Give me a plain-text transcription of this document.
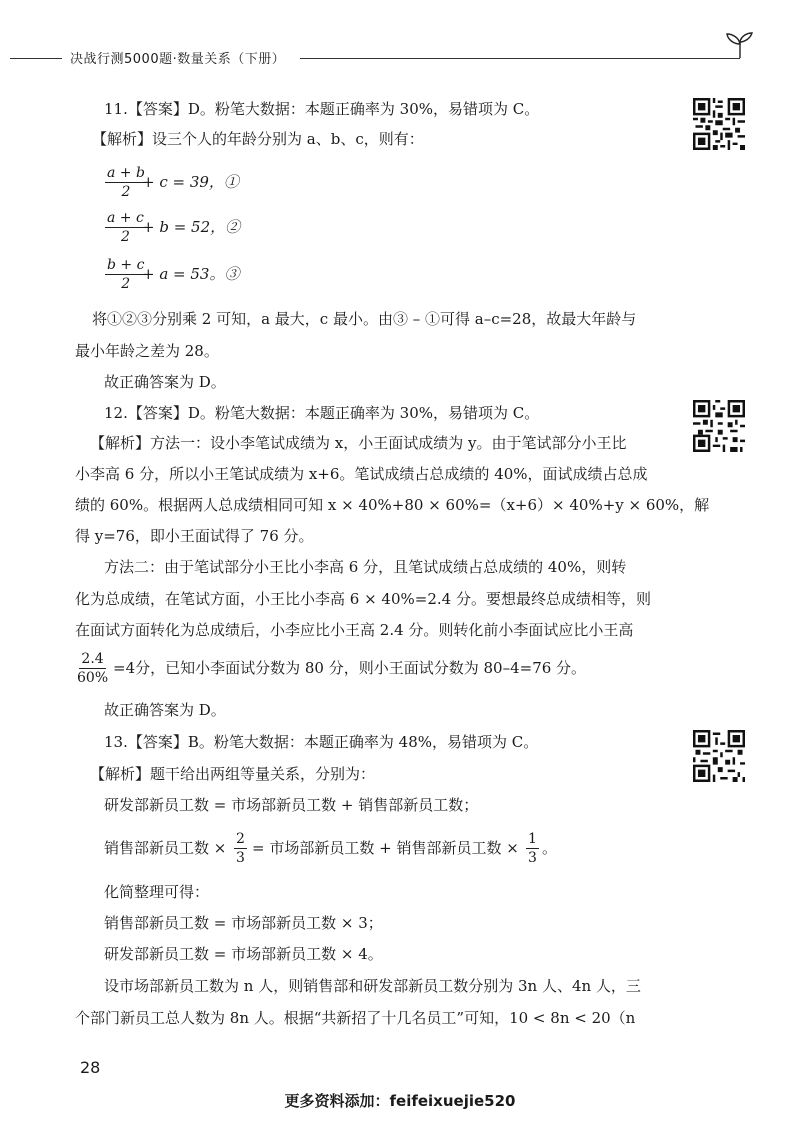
决战行测5000题·数量关系（下册）
11.【答案】D。粉笔大数据：本题正确率为 30%，易错项为 C。
【解析】设三个人的年龄分别为 a、b、c，则有：
$\frac{a + b}{2}$
+ c = 39，①
$\frac{a + c}{2}$
+ b = 52，②
$\frac{b + c}{2}$
+ a = 53。③
将①②③分别乘 2 可知，a 最大，c 最小。由③ – ①可得 a–c=28，故最大年龄与
最小年龄之差为 28。
故正确答案为 D。
12.【答案】D。粉笔大数据：本题正确率为 30%，易错项为 C。
【解析】方法一：设小李笔试成绩为 x，小王面试成绩为 y。由于笔试部分小王比
小李高 6 分，所以小王笔试成绩为 x+6。笔试成绩占总成绩的 40%，面试成绩占总成
绩的 60%。根据两人总成绩相同可知 x × 40%+80 × 60%=（x+6）× 40%+y × 60%，解
得 y=76，即小王面试得了 76 分。
方法二：由于笔试部分小王比小李高 6 分，且笔试成绩占总成绩的 40%，则转
化为总成绩，在笔试方面，小王比小李高 6 × 40%=2.4 分。要想最终总成绩相等，则
在面试方面转化为总成绩后，小李应比小王高 2.4 分。则转化前小李面试应比小王高
$\frac{2.4}{60\%} =4$分，已知小李面试分数为 80 分，则小王面试分数为 80–4=76 分。
故正确答案为 D。
13.【答案】B。粉笔大数据：本题正确率为 48%，易错项为 C。
【解析】题干给出两组等量关系，分别为：
研发部新员工数 = 市场部新员工数 + 销售部新员工数；
销售部新员工数 × $\frac{2}{3}$ = 市场部新员工数 + 销售部新员工数 × $\frac{1}{3}$ 。
化简整理可得：
销售部新员工数 = 市场部新员工数 × 3；
研发部新员工数 = 市场部新员工数 × 4。
设市场部新员工数为 n 人，则销售部和研发部新员工数分别为 3n 人、4n 人，三
个部门新员工总人数为 8n 人。根据“共新招了十几名员工”可知，10 < 8n < 20（n
28
更多资料添加：feifeixuejie520
